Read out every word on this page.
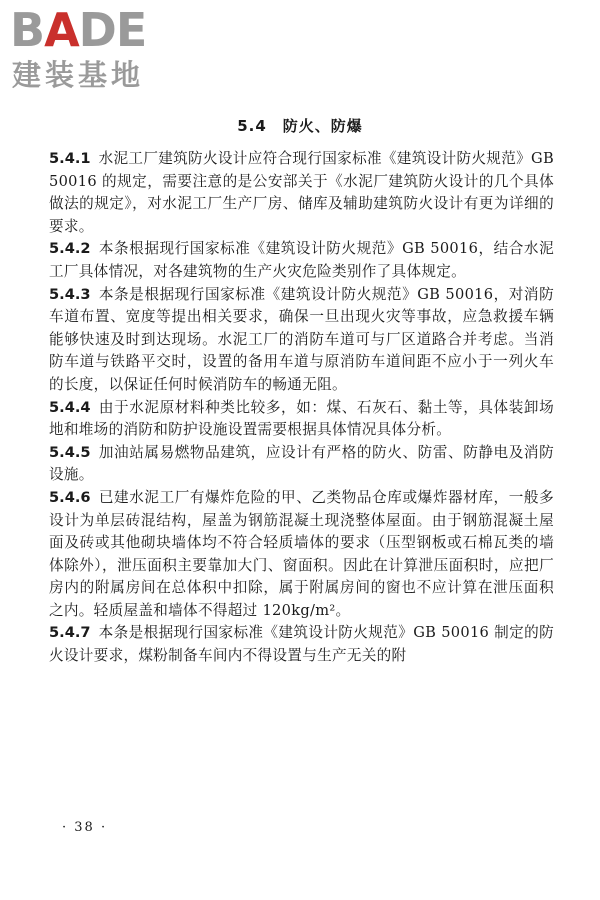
BADE
建装基地
5.4　防火、防爆

5.4.1 水泥工厂建筑防火设计应符合现行国家标准《建筑设计防火规范》GB 50016 的规定，需要注意的是公安部关于《水泥厂建筑防火设计的几个具体做法的规定》，对水泥工厂生产厂房、储库及辅助建筑防火设计有更为详细的要求。

5.4.2 本条根据现行国家标准《建筑设计防火规范》GB 50016，结合水泥工厂具体情况，对各建筑物的生产火灾危险类别作了具体规定。

5.4.3 本条是根据现行国家标准《建筑设计防火规范》GB 50016，对消防车道布置、宽度等提出相关要求，确保一旦出现火灾等事故，应急救援车辆能够快速及时到达现场。水泥工厂的消防车道可与厂区道路合并考虑。当消防车道与铁路平交时，设置的备用车道与原消防车道间距不应小于一列火车的长度，以保证任何时候消防车的畅通无阻。

5.4.4 由于水泥原材料种类比较多，如：煤、石灰石、黏土等，具体装卸场地和堆场的消防和防护设施设置需要根据具体情况具体分析。

5.4.5 加油站属易燃物品建筑，应设计有严格的防火、防雷、防静电及消防设施。

5.4.6 已建水泥工厂有爆炸危险的甲、乙类物品仓库或爆炸器材库，一般多设计为单层砖混结构，屋盖为钢筋混凝土现浇整体屋面。由于钢筋混凝土屋面及砖或其他砌块墙体均不符合轻质墙体的要求（压型钢板或石棉瓦类的墙体除外），泄压面积主要靠加大门、窗面积。因此在计算泄压面积时，应把厂房内的附属房间在总体积中扣除，属于附属房间的窗也不应计算在泄压面积之内。轻质屋盖和墙体不得超过 120kg/m²。

5.4.7 本条是根据现行国家标准《建筑设计防火规范》GB 50016 制定的防火设计要求，煤粉制备车间内不得设置与生产无关的附

· 38 ·
